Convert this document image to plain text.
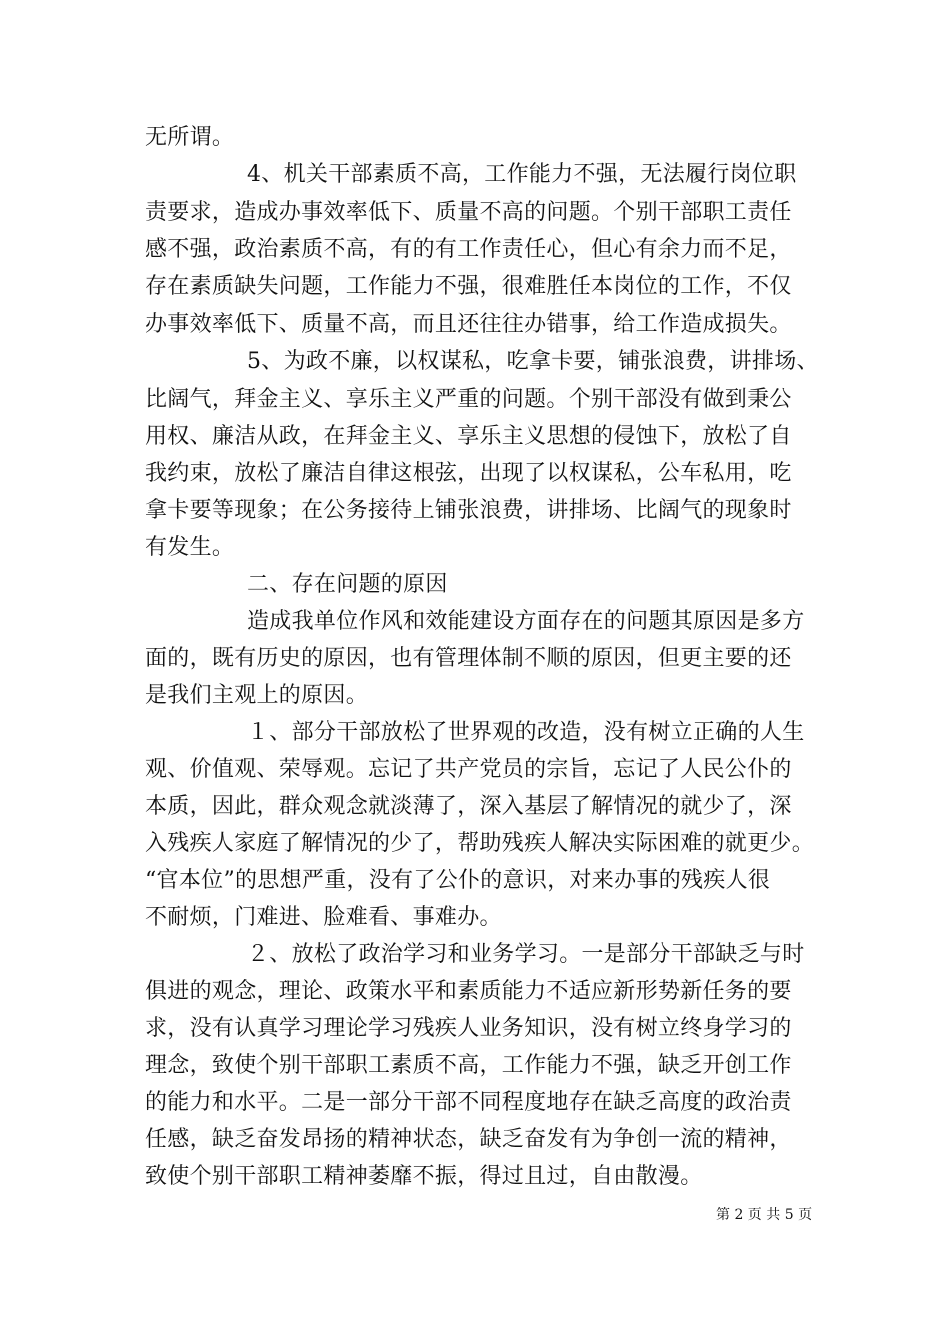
无所谓。
4、机关干部素质不高，工作能力不强，无法履行岗位职
责要求，造成办事效率低下、质量不高的问题。个别干部职工责任
感不强，政治素质不高，有的有工作责任心，但心有余力而不足，
存在素质缺失问题，工作能力不强，很难胜任本岗位的工作，不仅
办事效率低下、质量不高，而且还往往办错事，给工作造成损失。
5、为政不廉，以权谋私，吃拿卡要，铺张浪费，讲排场、
比阔气，拜金主义、享乐主义严重的问题。个别干部没有做到秉公
用权、廉洁从政，在拜金主义、享乐主义思想的侵蚀下，放松了自
我约束，放松了廉洁自律这根弦，出现了以权谋私，公车私用，吃
拿卡要等现象；在公务接待上铺张浪费，讲排场、比阔气的现象时
有发生。
二、存在问题的原因
造成我单位作风和效能建设方面存在的问题其原因是多方
面的，既有历史的原因，也有管理体制不顺的原因，但更主要的还
是我们主观上的原因。
１、部分干部放松了世界观的改造，没有树立正确的人生
观、价值观、荣辱观。忘记了共产党员的宗旨，忘记了人民公仆的
本质，因此，群众观念就淡薄了，深入基层了解情况的就少了，深
入残疾人家庭了解情况的少了，帮助残疾人解决实际困难的就更少。
“官本位”的思想严重，没有了公仆的意识，对来办事的残疾人很
不耐烦，门难进、脸难看、事难办。
２、放松了政治学习和业务学习。一是部分干部缺乏与时
俱进的观念，理论、政策水平和素质能力不适应新形势新任务的要
求，没有认真学习理论学习残疾人业务知识，没有树立终身学习的
理念，致使个别干部职工素质不高，工作能力不强，缺乏开创工作
的能力和水平。二是一部分干部不同程度地存在缺乏高度的政治责
任感，缺乏奋发昂扬的精神状态，缺乏奋发有为争创一流的精神，
致使个别干部职工精神萎靡不振，得过且过，自由散漫。
第 2 页 共 5 页
